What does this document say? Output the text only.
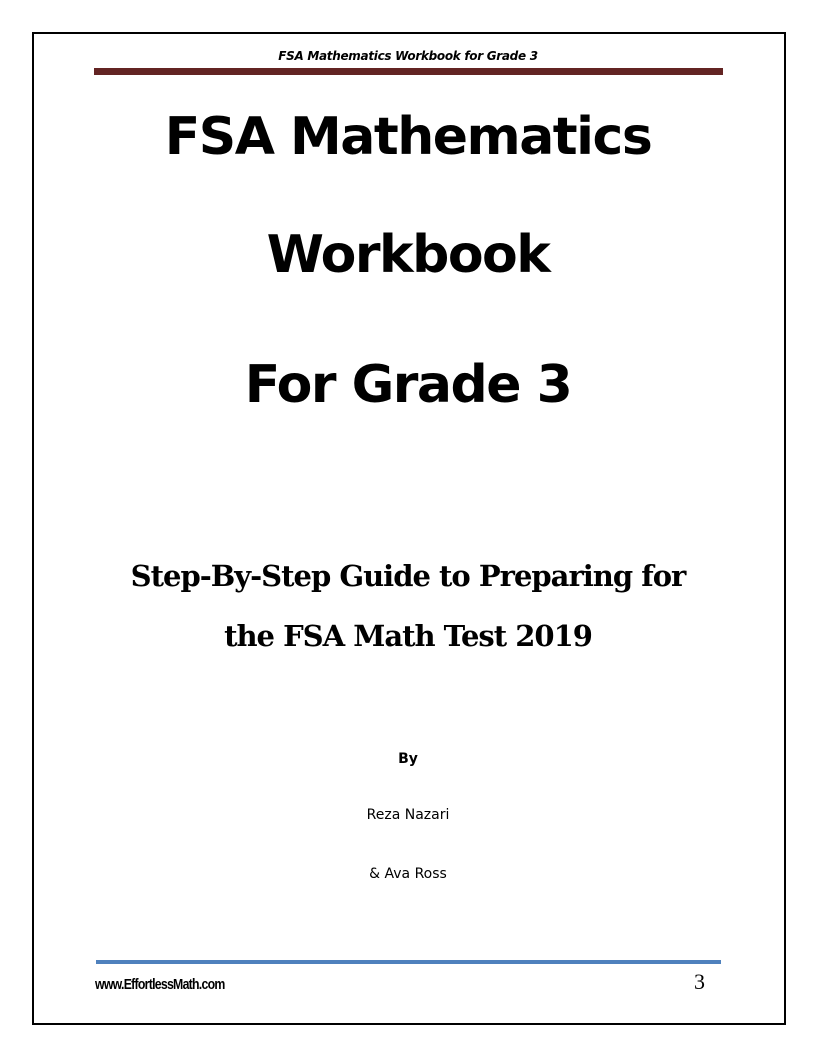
FSA Mathematics Workbook for Grade 3
FSA Mathematics
Workbook
For Grade 3
Step-By-Step Guide to Preparing for
the FSA Math Test 2019
By
Reza Nazari
& Ava Ross
www.EffortlessMath.com	3
